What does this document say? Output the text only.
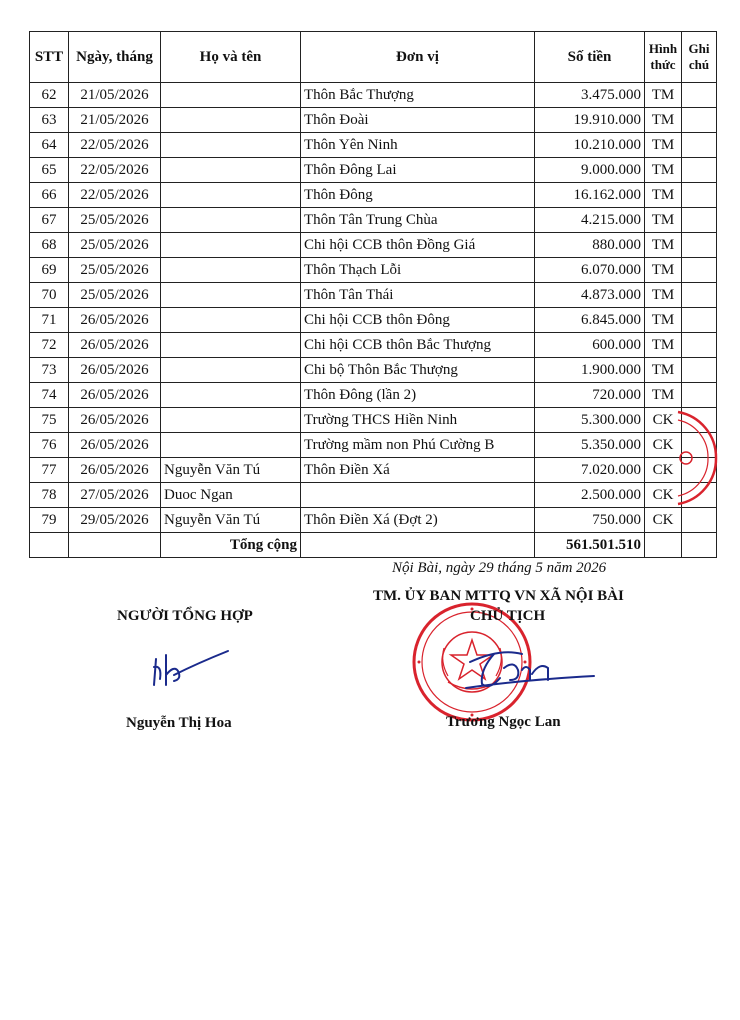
STT	Ngày, tháng	Họ và tên	Đơn vị	Số tiền	Hình thức	Ghi chú
62	21/05/2026		Thôn Bắc Thượng	3.475.000	TM	
63	21/05/2026		Thôn Đoài	19.910.000	TM	
64	22/05/2026		Thôn Yên Ninh	10.210.000	TM	
65	22/05/2026		Thôn Đông Lai	9.000.000	TM	
66	22/05/2026		Thôn Đông	16.162.000	TM	
67	25/05/2026		Thôn Tân Trung Chùa	4.215.000	TM	
68	25/05/2026		Chi hội CCB thôn Đồng Giá	880.000	TM	
69	25/05/2026		Thôn Thạch Lỗi	6.070.000	TM	
70	25/05/2026		Thôn Tân Thái	4.873.000	TM	
71	26/05/2026		Chi hội CCB thôn Đông	6.845.000	TM	
72	26/05/2026		Chi hội CCB thôn Bắc Thượng	600.000	TM	
73	26/05/2026		Chi bộ Thôn Bắc Thượng	1.900.000	TM	
74	26/05/2026		Thôn Đông (lần 2)	720.000	TM	
75	26/05/2026		Trường THCS Hiền Ninh	5.300.000	CK	
76	26/05/2026		Trường mầm non Phú Cường B	5.350.000	CK	
77	26/05/2026	Nguyễn Văn Tú	Thôn Điền Xá	7.020.000	CK	
78	27/05/2026	Duoc Ngan		2.500.000	CK	
79	29/05/2026	Nguyễn Văn Tú	Thôn Điền Xá (Đợt 2)	750.000	CK	
		Tổng cộng		561.501.510		
Nội Bài, ngày 29 tháng 5 năm 2026
NGƯỜI TỔNG HỢP
TM. ỦY BAN MTTQ VN XÃ NỘI BÀI
CHỦ TỊCH
Nguyễn Thị Hoa	Trương Ngọc Lan
